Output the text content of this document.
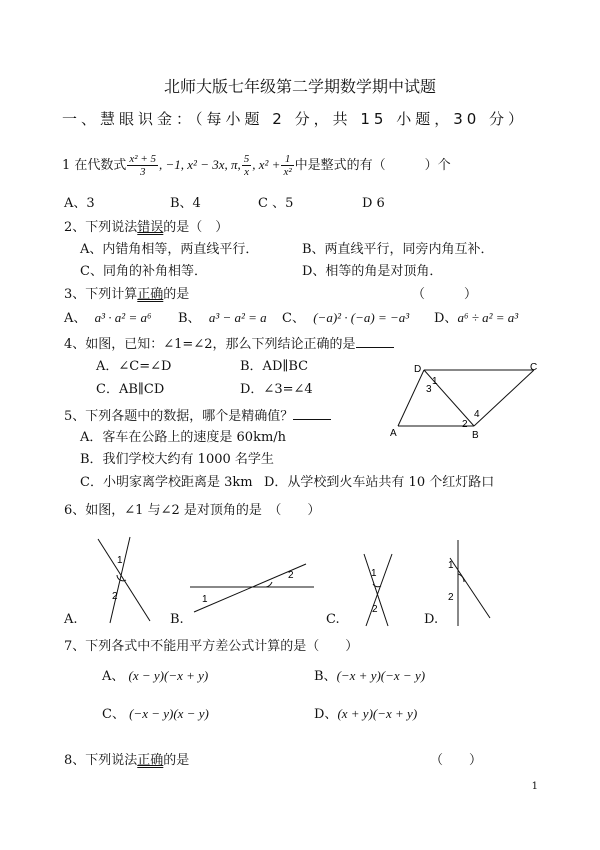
北师大版七年级第二学期数学期中试题
一、慧眼识金：（每小题 2 分，共 15 小题，30 分）
1 在代数式 $\frac{\text{x² + 5}}{3}$ , −1, x² − 3x, π, $\frac{5}{x}$ , $x^2 + \frac{1}{\text{x²}}$ 中是整式的有（　　　）个
A、3	B、4	C 、5	D 6
2、下列说法错误的是（　）
A、内错角相等，两直线平行．	B、两直线平行，同旁内角互补．
C、同角的补角相等．	D、相等的角是对顶角．
3、下列计算正确的是	（　　　）
A、 a³ · a² = a⁶ B、 a³ − a² = a C、 (−a)² · (−a) = −a³ D、a⁶ ÷ a² = a³
4、如图，已知：∠1=∠2，那么下列结论正确的是
A．∠C=∠D	B．AD∥BC
C．AB∥CD	D．∠3=∠4
A	B
C
D
1
2
3
4
5、下列各题中的数据，哪个是精确值？
A．客车在公路上的速度是 60km/h
B．我们学校大约有 1000 名学生
C．小明家离学校距离是 3km D．从学校到火车站共有 10 个红灯路口
6、如图，∠1 与∠2 是对顶角的是　（　　）
1
2
A.
2
1
B.
1
2
C.
1
2
D.
7、下列各式中不能用平方差公式计算的是（　　）
A、 (x − y)(−x + y)	B、(−x + y)(−x − y)
C、 (−x − y)(x − y)	D、(x + y)(−x + y)
8、下列说法正确的是	（　　）
1
